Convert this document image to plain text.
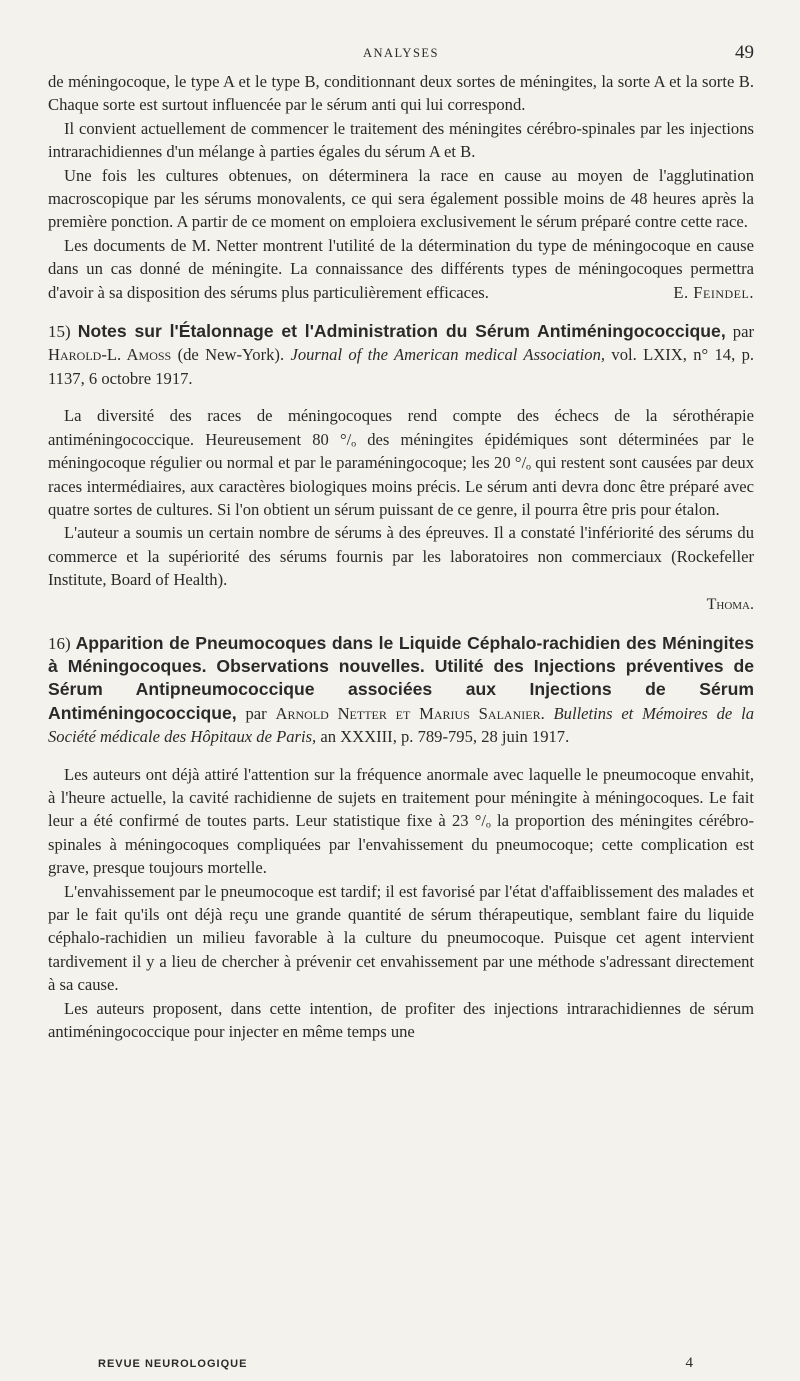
ANALYSES	49

de méningocoque, le type A et le type B, conditionnant deux sortes de méningites, la sorte A et la sorte B. Chaque sorte est surtout influencée par le sérum anti qui lui correspond.

Il convient actuellement de commencer le traitement des méningites cérébro-spinales par les injections intrarachidiennes d'un mélange à parties égales du sérum A et B.

Une fois les cultures obtenues, on déterminera la race en cause au moyen de l'agglutination macroscopique par les sérums monovalents, ce qui sera également possible moins de 48 heures après la première ponction. A partir de ce moment on emploiera exclusivement le sérum préparé contre cette race.

Les documents de M. Netter montrent l'utilité de la détermination du type de méningocoque en cause dans un cas donné de méningite. La connaissance des différents types de méningocoques permettra d'avoir à sa disposition des sérums plus particulièrement efficaces.	E. Feindel.

15) Notes sur l'Étalonnage et l'Administration du Sérum Antiméningococcique, par Harold-L. Amoss (de New-York). Journal of the American medical Association, vol. LXIX, n° 14, p. 1137, 6 octobre 1917.

La diversité des races de méningocoques rend compte des échecs de la sérothérapie antiméningococcique. Heureusement 80 °/ₒ des méningites épidémiques sont déterminées par le méningocoque régulier ou normal et par le paraméningocoque; les 20 °/ₒ qui restent sont causées par deux races intermédiaires, aux caractères biologiques moins précis. Le sérum anti devra donc être préparé avec quatre sortes de cultures. Si l'on obtient un sérum puissant de ce genre, il pourra être pris pour étalon.

L'auteur a soumis un certain nombre de sérums à des épreuves. Il a constaté l'infériorité des sérums du commerce et la supériorité des sérums fournis par les laboratoires non commerciaux (Rockefeller Institute, Board of Health).

Thoma.
16) Apparition de Pneumocoques dans le Liquide Céphalo-rachidien des Méningites à Méningocoques. Observations nouvelles. Utilité des Injections préventives de Sérum Antipneumococcique associées aux Injections de Sérum Antiméningococcique, par Arnold Netter et Marius Salanier. Bulletins et Mémoires de la Société médicale des Hôpitaux de Paris, an XXXIII, p. 789-795, 28 juin 1917.

Les auteurs ont déjà attiré l'attention sur la fréquence anormale avec laquelle le pneumocoque envahit, à l'heure actuelle, la cavité rachidienne de sujets en traitement pour méningite à méningocoques. Le fait leur a été confirmé de toutes parts. Leur statistique fixe à 23 °/ₒ la proportion des méningites cérébro-spinales à méningocoques compliquées par l'envahissement du pneumocoque; cette complication est grave, presque toujours mortelle.

L'envahissement par le pneumocoque est tardif; il est favorisé par l'état d'affaiblissement des malades et par le fait qu'ils ont déjà reçu une grande quantité de sérum thérapeutique, semblant faire du liquide céphalo-rachidien un milieu favorable à la culture du pneumocoque. Puisque cet agent intervient tardivement il y a lieu de chercher à prévenir cet envahissement par une méthode s'adressant directement à sa cause.

Les auteurs proposent, dans cette intention, de profiter des injections intrarachidiennes de sérum antiméningococcique pour injecter en même temps une

REVUE NEUROLOGIQUE	4
